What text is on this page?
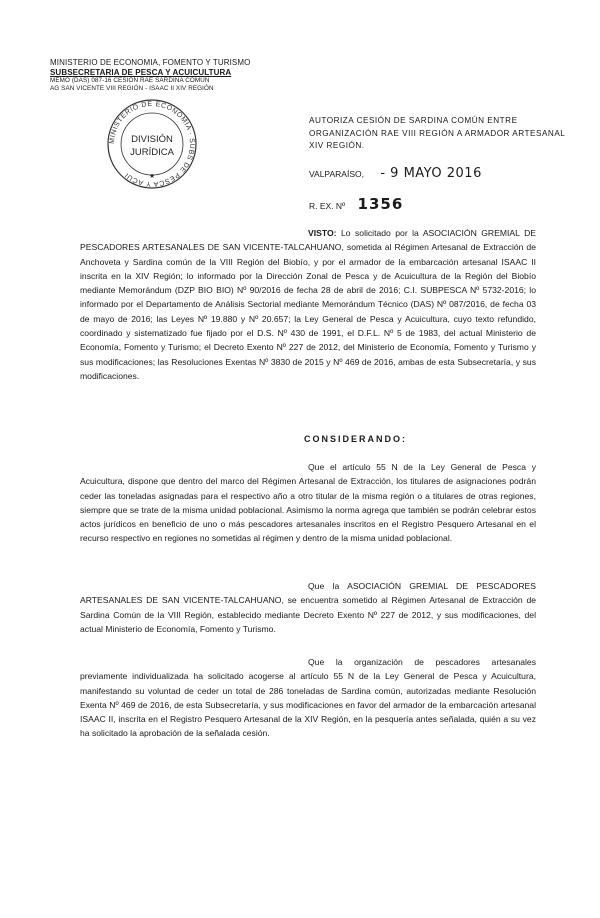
MINISTERIO DE ECONOMIA, FOMENTO Y TURISMO
SUBSECRETARIA DE PESCA Y ACUICULTURA
MEMO (DAS) 087-16 CESION RAE SARDINA COMÚN
AG SAN VICENTE VIII REGIÓN - ISAAC II XIV REGIÓN
MINISTERIO DE ECONOMIA · SUBS DE PESCA Y ACUI
DIVISIÓN
JURÍDICA
★
AUTORIZA CESIÓN DE SARDINA COMÚN ENTRE ORGANIZACIÓN RAE VIII REGIÓN A ARMADOR ARTESANAL XIV REGIÓN.
VALPARAÍSO, - 9 MAYO 2016
R. EX. Nº 1356
VISTO: Lo solicitado por la ASOCIACIÓN GREMIAL DE PESCADORES ARTESANALES DE SAN VICENTE-TALCAHUANO, sometida al Régimen Artesanal de Extracción de Anchoveta y Sardina común de la VIII Región del Biobío, y por el armador de la embarcación artesanal ISAAC II inscrita en la XIV Región; lo informado por la Dirección Zonal de Pesca y de Acuicultura de la Región del Biobío mediante Memorándum (DZP BIO BIO) Nº 90/2016 de fecha 28 de abril de 2016; C.I. SUBPESCA Nº 5732-2016; lo informado por el Departamento de Análisis Sectorial mediante Memorándum Técnico (DAS) Nº 087/2016, de fecha 03 de mayo de 2016; las Leyes Nº 19.880 y Nº 20.657; la Ley General de Pesca y Acuicultura, cuyo texto refundido, coordinado y sistematizado fue fijado por el D.S. Nº 430 de 1991, el D.F.L. Nº 5 de 1983, del actual Ministerio de Economía, Fomento y Turismo; el Decreto Exento Nº 227 de 2012, del Ministerio de Economía, Fomento y Turismo y sus modificaciones; las Resoluciones Exentas Nº 3830 de 2015 y Nº 469 de 2016, ambas de esta Subsecretaría, y sus modificaciones.
CONSIDERANDO:
Que el artículo 55 N de la Ley General de Pesca y Acuicultura, dispone que dentro del marco del Régimen Artesanal de Extracción, los titulares de asignaciones podrán ceder las toneladas asignadas para el respectivo año a otro titular de la misma región o a titulares de otras regiones, siempre que se trate de la misma unidad poblacional. Asimismo la norma agrega que también se podrán celebrar estos actos jurídicos en beneficio de uno o más pescadores artesanales inscritos en el Registro Pesquero Artesanal en el recurso respectivo en regiones no sometidas al régimen y dentro de la misma unidad poblacional.
Que la ASOCIACIÓN GREMIAL DE PESCADORES ARTESANALES DE SAN VICENTE-TALCAHUANO, se encuentra sometido al Régimen Artesanal de Extracción de Sardina Común de la VIII Región, establecido mediante Decreto Exento Nº 227 de 2012, y sus modificaciones, del actual Ministerio de Economía, Fomento y Turismo.
Que la organización de pescadores artesanales previamente individualizada ha solicitado acogerse al artículo 55 N de la Ley General de Pesca y Acuicultura, manifestando su voluntad de ceder un total de 286 toneladas de Sardina común, autorizadas mediante Resolución Exenta Nº 469 de 2016, de esta Subsecretaría, y sus modificaciones en favor del armador de la embarcación artesanal ISAAC II, inscrita en el Registro Pesquero Artesanal de la XIV Región, en la pesquería antes señalada, quién a su vez ha solicitado la aprobación de la señalada cesión.
